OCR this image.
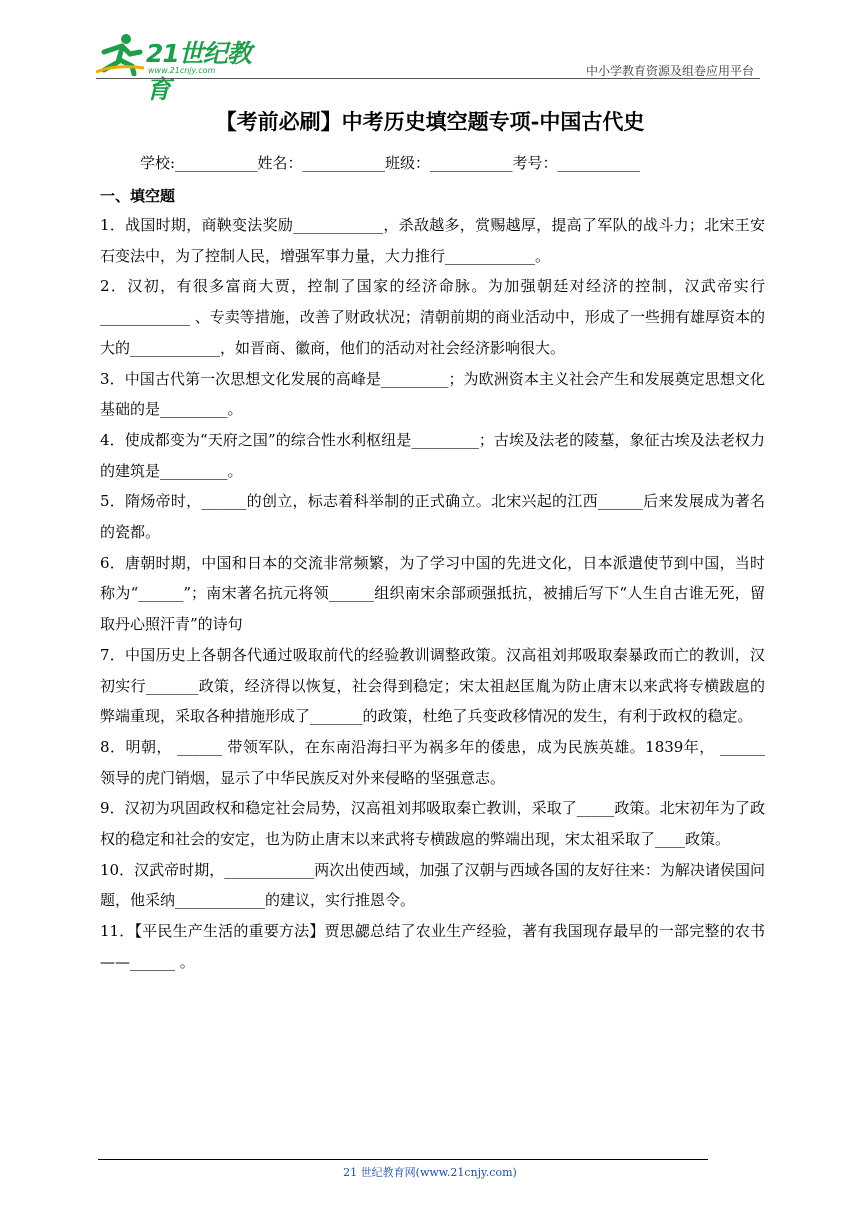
21世纪教育
www.21cnjy.com	中小学教育资源及组卷应用平台
【考前必刷】中考历史填空题专项-中国古代史
学校:___________姓名：___________班级：___________考号：___________
一、填空题

1．战国时期，商鞅变法奖励____________，杀敌越多，赏赐越厚，提高了军队的战斗力；北宋王安石变法中，为了控制人民，增强军事力量，大力推行____________。

2．汉初，有很多富商大贾，控制了国家的经济命脉。为加强朝廷对经济的控制，汉武帝实行____________ 、专卖等措施，改善了财政状况；清朝前期的商业活动中，形成了一些拥有雄厚资本的大的____________，如晋商、徽商，他们的活动对社会经济影响很大。

3．中国古代第一次思想文化发展的高峰是_________；为欧洲资本主义社会产生和发展奠定思想文化基础的是_________。

4．使成都变为“天府之国”的综合性水利枢纽是_________；古埃及法老的陵墓，象征古埃及法老权力的建筑是_________。

5．隋炀帝时，______的创立，标志着科举制的正式确立。北宋兴起的江西______后来发展成为著名的瓷都。

6．唐朝时期，中国和日本的交流非常频繁，为了学习中国的先进文化，日本派遣使节到中国，当时称为“______”；南宋著名抗元将领______组织南宋余部顽强抵抗，被捕后写下“人生自古谁无死，留取丹心照汗青”的诗句

7．中国历史上各朝各代通过吸取前代的经验教训调整政策。汉高祖刘邦吸取秦暴政而亡的教训，汉初实行_______政策，经济得以恢复，社会得到稳定；宋太祖赵匡胤为防止唐末以来武将专横跋扈的弊端重现，采取各种措施形成了_______的政策，杜绝了兵变政移情况的发生，有利于政权的稳定。

8．明朝， ______ 带领军队，在东南沿海扫平为祸多年的倭患，成为民族英雄。1839年， ______ 领导的虎门销烟，显示了中华民族反对外来侵略的坚强意志。

9．汉初为巩固政权和稳定社会局势，汉高祖刘邦吸取秦亡教训，采取了_____政策。北宋初年为了政权的稳定和社会的安定，也为防止唐末以来武将专横跋扈的弊端出现，宋太祖采取了____政策。

10．汉武帝时期，____________两次出使西域，加强了汉朝与西域各国的友好往来：为解决诸侯国问题，他采纳____________的建议，实行推恩令。

11．【平民生产生活的重要方法】贾思勰总结了农业生产经验，著有我国现存最早的一部完整的农书——______ 。

21 世纪教育网(www.21cnjy.com)
